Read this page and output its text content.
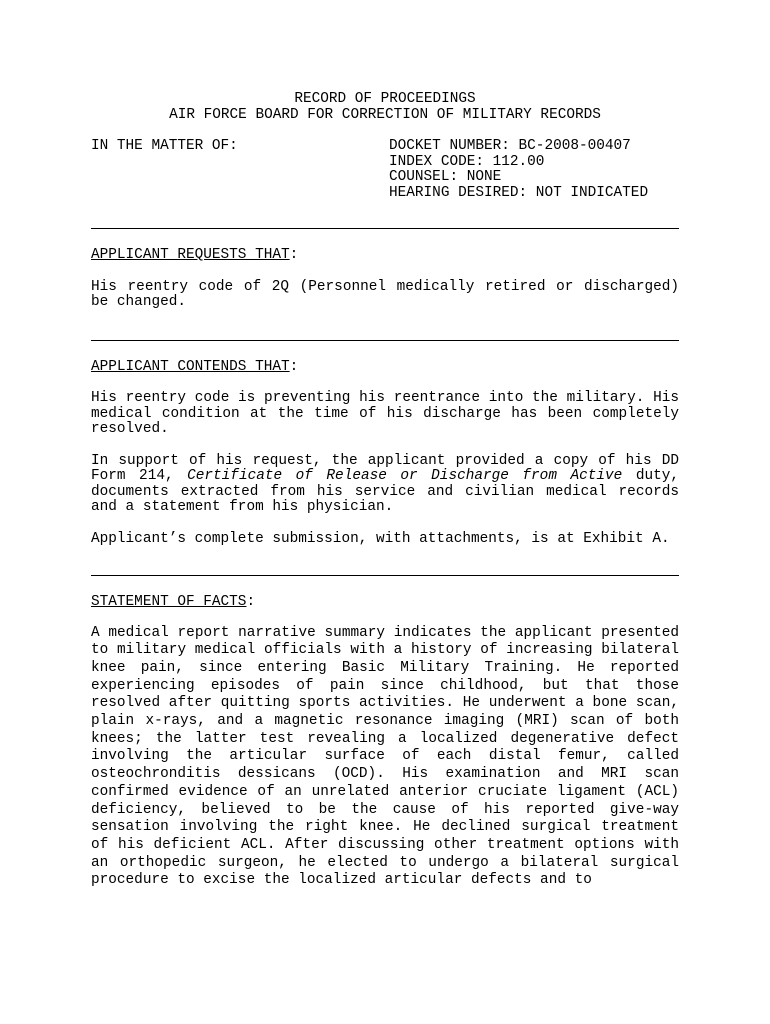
RECORD OF PROCEEDINGS
AIR FORCE BOARD FOR CORRECTION OF MILITARY RECORDS
IN THE MATTER OF:	DOCKET NUMBER: BC-2008-00407
INDEX CODE: 112.00
COUNSEL: NONE
HEARING DESIRED: NOT INDICATED
APPLICANT REQUESTS THAT:

His reentry code of 2Q (Personnel medically retired or discharged) be changed.

APPLICANT CONTENDS THAT:

His reentry code is preventing his reentrance into the military. His medical condition at the time of his discharge has been completely resolved.

In support of his request, the applicant provided a copy of his DD Form 214, Certificate of Release or Discharge from Active duty, documents extracted from his service and civilian medical records and a statement from his physician.

Applicant’s complete submission, with attachments, is at Exhibit A.

STATEMENT OF FACTS:

A medical report narrative summary indicates the applicant presented to military medical officials with a history of increasing bilateral knee pain, since entering Basic Military Training. He reported experiencing episodes of pain since childhood, but that those resolved after quitting sports activities. He underwent a bone scan, plain x-rays, and a magnetic resonance imaging (MRI) scan of both knees; the latter test revealing a localized degenerative defect involving the articular surface of each distal femur, called osteochronditis dessicans (OCD). His examination and MRI scan confirmed evidence of an unrelated anterior cruciate ligament (ACL) deficiency, believed to be the cause of his reported give-way sensation involving the right knee. He declined surgical treatment of his deficient ACL. After discussing other treatment options with an orthopedic surgeon, he elected to undergo a bilateral surgical procedure to excise the localized articular defects and to
